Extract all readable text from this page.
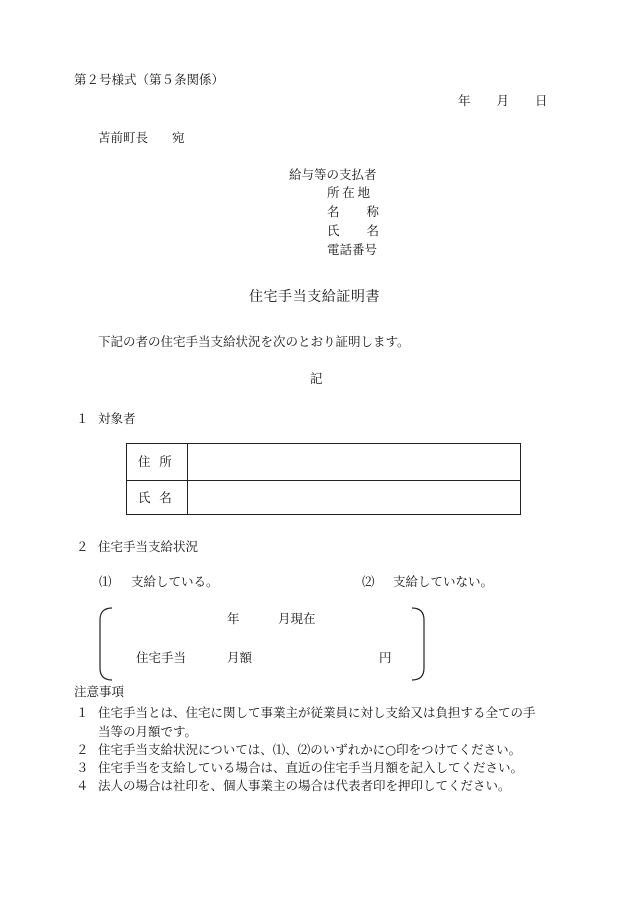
第２号様式（第５条関係）
年 月 日
苫前町長 宛
給与等の支払者
所在地
名 称
氏 名
電話番号
住宅手当支給証明書
下記の者の住宅手当支給状況を次のとおり証明します。
記
１ 対象者
住所
氏名
２ 住宅手当支給状況
⑴ 支給している。	⑵ 支給していない。
年	月現在
住宅手当	月額	円
注意事項
１ 住宅手当とは、住宅に関して事業主が従業員に対し支給又は負担する全ての手
当等の月額です。
２ 住宅手当支給状況については、⑴、⑵のいずれかに○印をつけてください。
３ 住宅手当を支給している場合は、直近の住宅手当月額を記入してください。
４ 法人の場合は社印を、個人事業主の場合は代表者印を押印してください。
